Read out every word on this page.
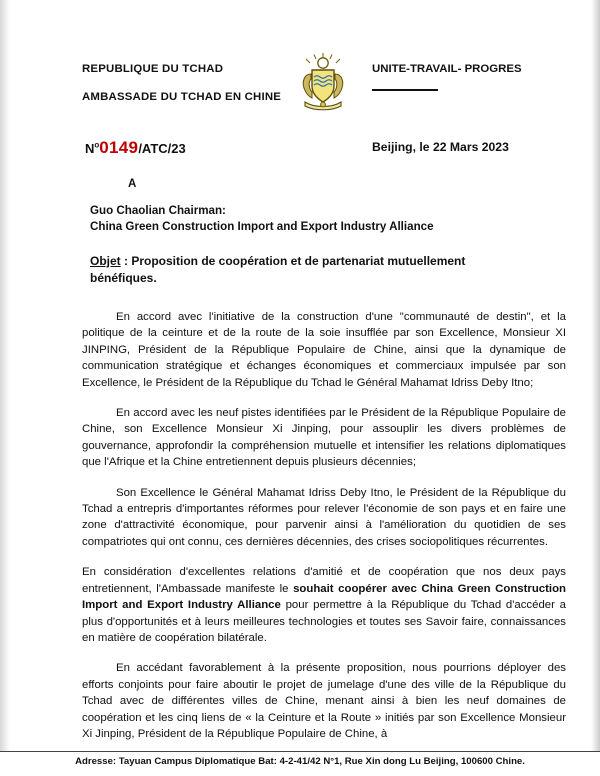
REPUBLIQUE DU TCHAD
AMBASSADE DU TCHAD EN CHINE
UNITE-TRAVAIL- PROGRES
$N^o0149/ATC/23$	Beijing, le 22 Mars 2023
A
Guo Chaolian Chairman:
China Green Construction Import and Export Industry Alliance
Objet : Proposition de coopération et de partenariat mutuellement bénéfiques.

En accord avec l'initiative de la construction d'une "communauté de destin", et la politique de la ceinture et de la route de la soie insufflée par son Excellence, Monsieur XI JINPING, Président de la République Populaire de Chine, ainsi que la dynamique de communication stratégique et échanges économiques et commerciaux impulsée par son Excellence, le Président de la République du Tchad le Général Mahamat Idriss Deby Itno;

En accord avec les neuf pistes identifiées par le Président de la République Populaire de Chine, son Excellence Monsieur Xi Jinping, pour assouplir les divers problèmes de gouvernance, approfondir la compréhension mutuelle et intensifier les relations diplomatiques que l'Afrique et la Chine entretiennent depuis plusieurs décennies;

Son Excellence le Général Mahamat Idriss Deby Itno, le Président de la République du Tchad a entrepris d'importantes réformes pour relever l'économie de son pays et en faire une zone d'attractivité économique, pour parvenir ainsi à l'amélioration du quotidien de ses compatriotes qui ont connu, ces dernières décennies, des crises sociopolitiques récurrentes.

En considération d'excellentes relations d'amitié et de coopération que nos deux pays entretiennent, l'Ambassade manifeste le souhait coopérer avec China Green Construction Import and Export Industry Alliance pour permettre à la République du Tchad d'accéder a plus d'opportunités et à leurs meilleures technologies et toutes ses Savoir faire, connaissances en matière de coopération bilatérale.

En accédant favorablement à la présente proposition, nous pourrions déployer des efforts conjoints pour faire aboutir le projet de jumelage d'une des ville de la République du Tchad avec de différentes villes de Chine, menant ainsi à bien les neuf domaines de coopération et les cinq liens de « la Ceinture et la Route » initiés par son Excellence Monsieur Xi Jinping, Président de la République Populaire de Chine, à

Adresse: Tayuan Campus Diplomatique Bat: 4-2-41/42 N°1, Rue Xin dong Lu Beijing, 100600 Chine.
